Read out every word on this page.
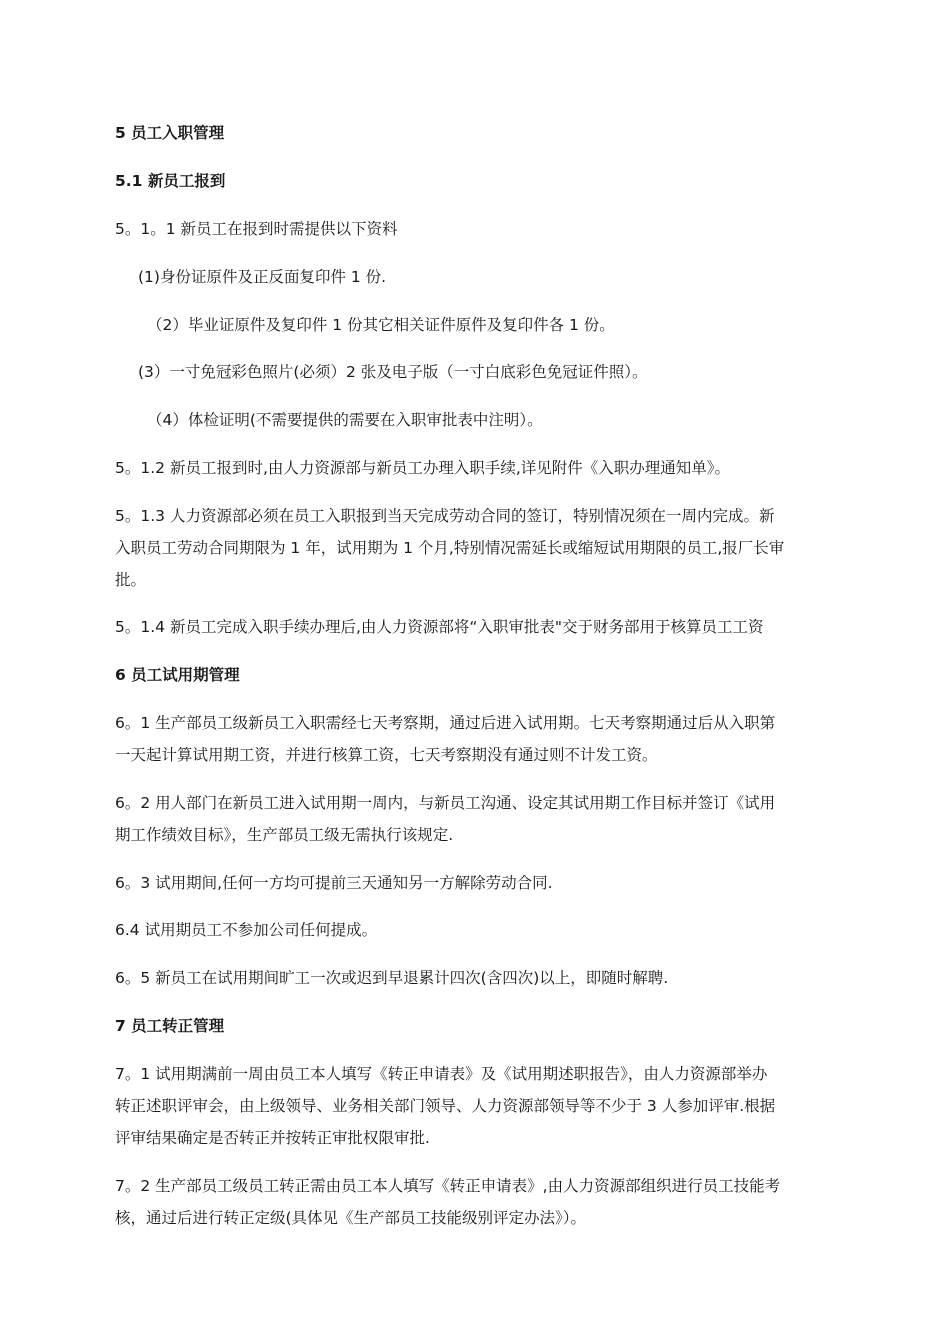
5 员工入职管理
5.1 新员工报到
5。1。1 新员工在报到时需提供以下资料
(1)身份证原件及正反面复印件 1 份.
（2）毕业证原件及复印件 1 份其它相关证件原件及复印件各 1 份。
(3）一寸免冠彩色照片(必须）2 张及电子版（一寸白底彩色免冠证件照）。
（4）体检证明(不需要提供的需要在入职审批表中注明）。
5。1.2 新员工报到时,由人力资源部与新员工办理入职手续,详见附件《入职办理通知单》。
5。1.3 人力资源部必须在员工入职报到当天完成劳动合同的签订，特别情况须在一周内完成。新
入职员工劳动合同期限为 1 年，试用期为 1 个月,特别情况需延长或缩短试用期限的员工,报厂长审
批。
5。1.4 新员工完成入职手续办理后,由人力资源部将“入职审批表"交于财务部用于核算员工工资
6 员工试用期管理
6。1 生产部员工级新员工入职需经七天考察期，通过后进入试用期。七天考察期通过后从入职第
一天起计算试用期工资，并进行核算工资，七天考察期没有通过则不计发工资。
6。2 用人部门在新员工进入试用期一周内，与新员工沟通、设定其试用期工作目标并签订《试用
期工作绩效目标》，生产部员工级无需执行该规定.
6。3 试用期间,任何一方均可提前三天通知另一方解除劳动合同.
6.4 试用期员工不参加公司任何提成。
6。5 新员工在试用期间旷工一次或迟到早退累计四次(含四次)以上，即随时解聘.
7 员工转正管理
7。1 试用期满前一周由员工本人填写《转正申请表》及《试用期述职报告》，由人力资源部举办
转正述职评审会，由上级领导、业务相关部门领导、人力资源部领导等不少于 3 人参加评审.根据
评审结果确定是否转正并按转正审批权限审批.
7。2 生产部员工级员工转正需由员工本人填写《转正申请表》,由人力资源部组织进行员工技能考
核，通过后进行转正定级(具体见《生产部员工技能级别评定办法》）。
